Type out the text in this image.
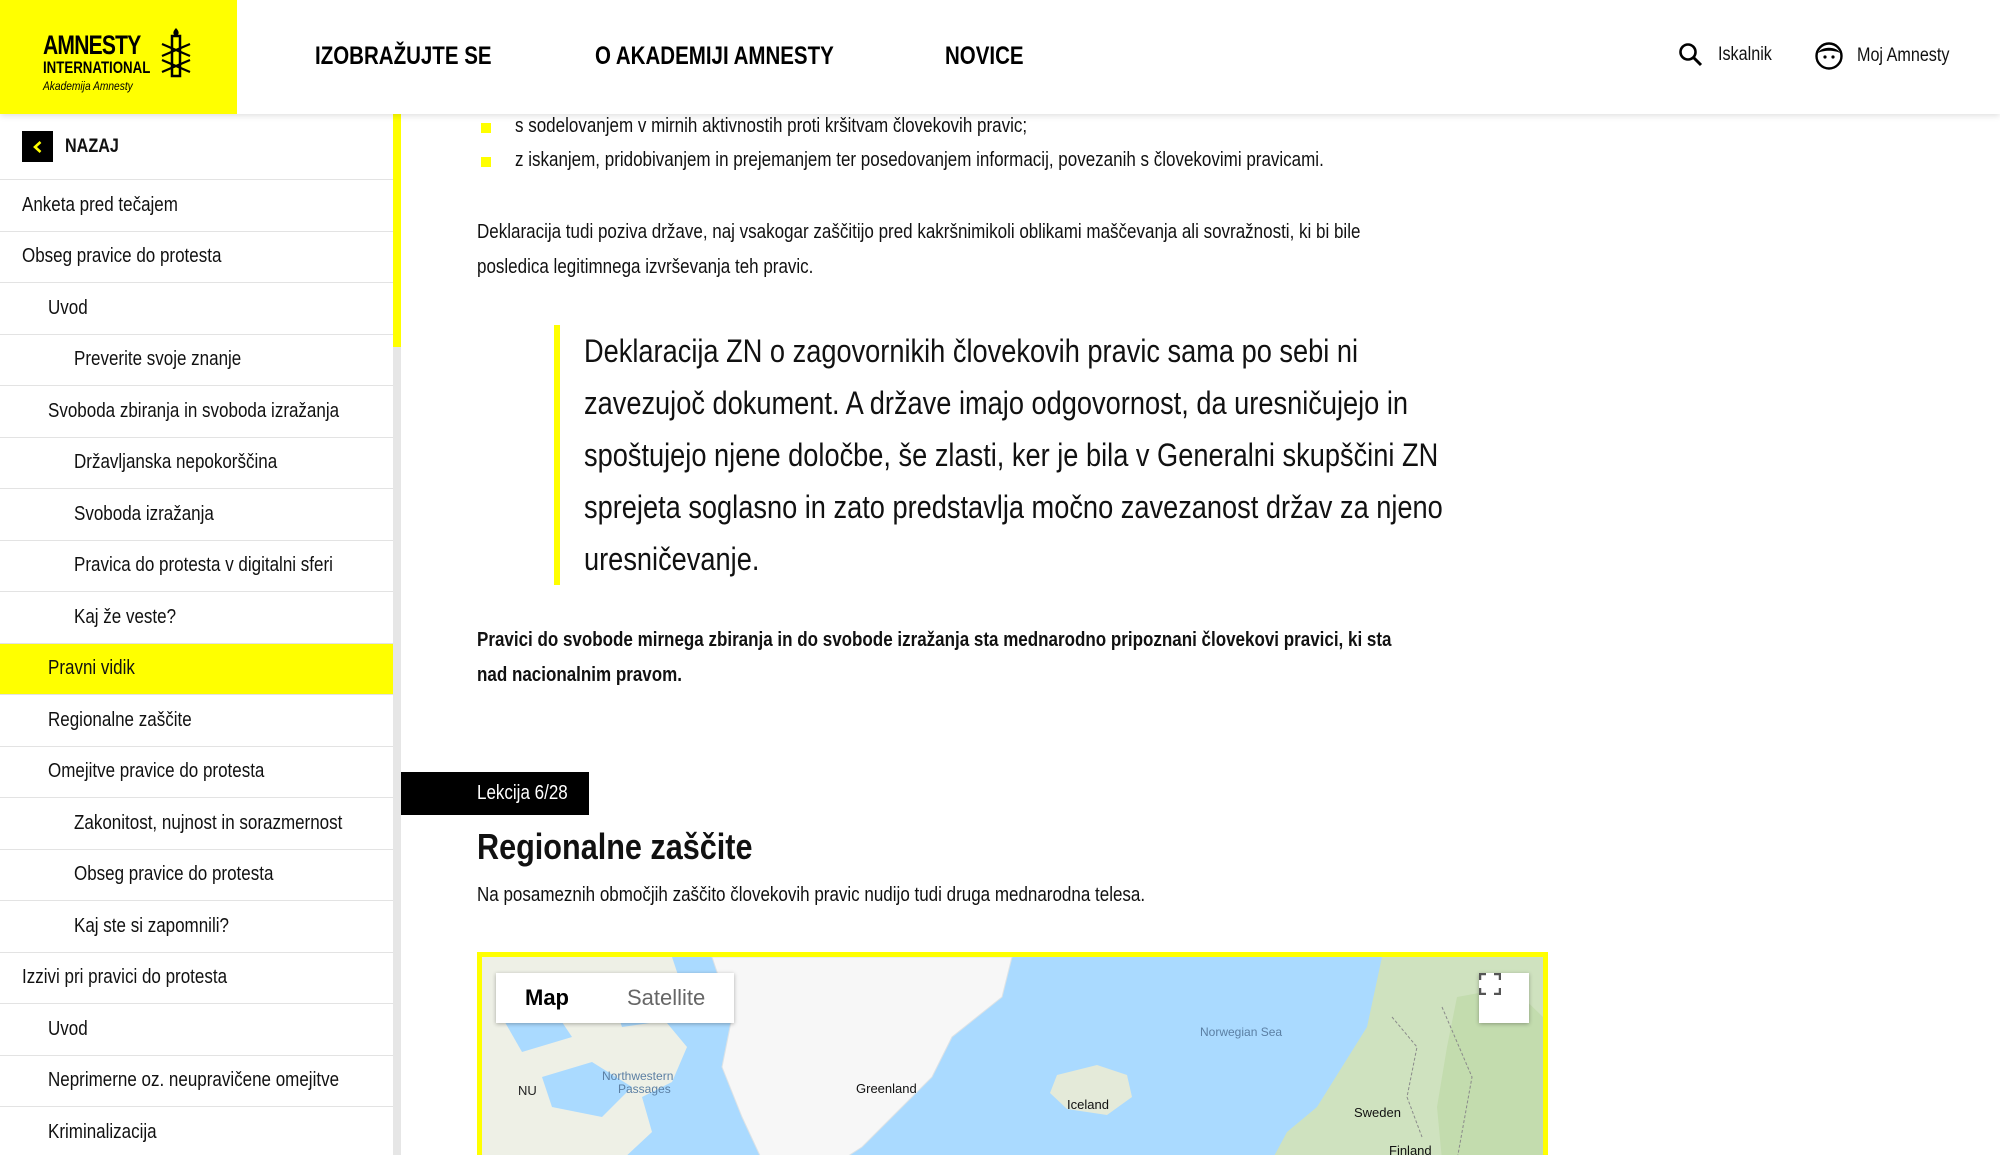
AMNESTY
INTERNATIONAL
Akademija Amnesty
IZOBRAŽUJTE SE	O AKADEMIJI AMNESTY	NOVICE	Iskalnik	Moj Amnesty
NAZAJ
Anketa pred tečajem
Obseg pravice do protesta
Uvod
Preverite svoje znanje
Svoboda zbiranja in svoboda izražanja
Državljanska nepokorščina
Svoboda izražanja
Pravica do protesta v digitalni sferi
Kaj že veste?
Pravni vidik
Regionalne zaščite
Omejitve pravice do protesta
Zakonitost, nujnost in sorazmernost
Obseg pravice do protesta
Kaj ste si zapomnili?
Izzivi pri pravici do protesta
Uvod
Neprimerne oz. neupravičene omejitve
Kriminalizacija
s sodelovanjem v mirnih aktivnostih proti kršitvam človekovih pravic;
z iskanjem, pridobivanjem in prejemanjem ter posedovanjem informacij, povezanih s človekovimi pravicami.
Deklaracija tudi poziva države, naj vsakogar zaščitijo pred kakršnimikoli oblikami maščevanja ali sovražnosti, ki bi bile posledica legitimnega izvrševanja teh pravic.
Deklaracija ZN o zagovornikih človekovih pravic sama po sebi ni zavezujoč dokument. A države imajo odgovornost, da uresničujejo in spoštujejo njene določbe, še zlasti, ker je bila v Generalni skupščini ZN sprejeta soglasno in zato predstavlja močno zavezanost držav za njeno uresničevanje.
Pravici do svobode mirnega zbiranja in do svobode izražanja sta mednarodno pripoznani človekovi pravici, ki sta nad nacionalnim pravom.
Lekcija 6/28
Regionalne zaščite
Na posameznih območjih zaščito človekovih pravic nudijo tudi druga mednarodna telesa.
NU
Northwestern
Passages	Greenland
Iceland
Norwegian Sea
Sweden
Finland
Map	Satellite
